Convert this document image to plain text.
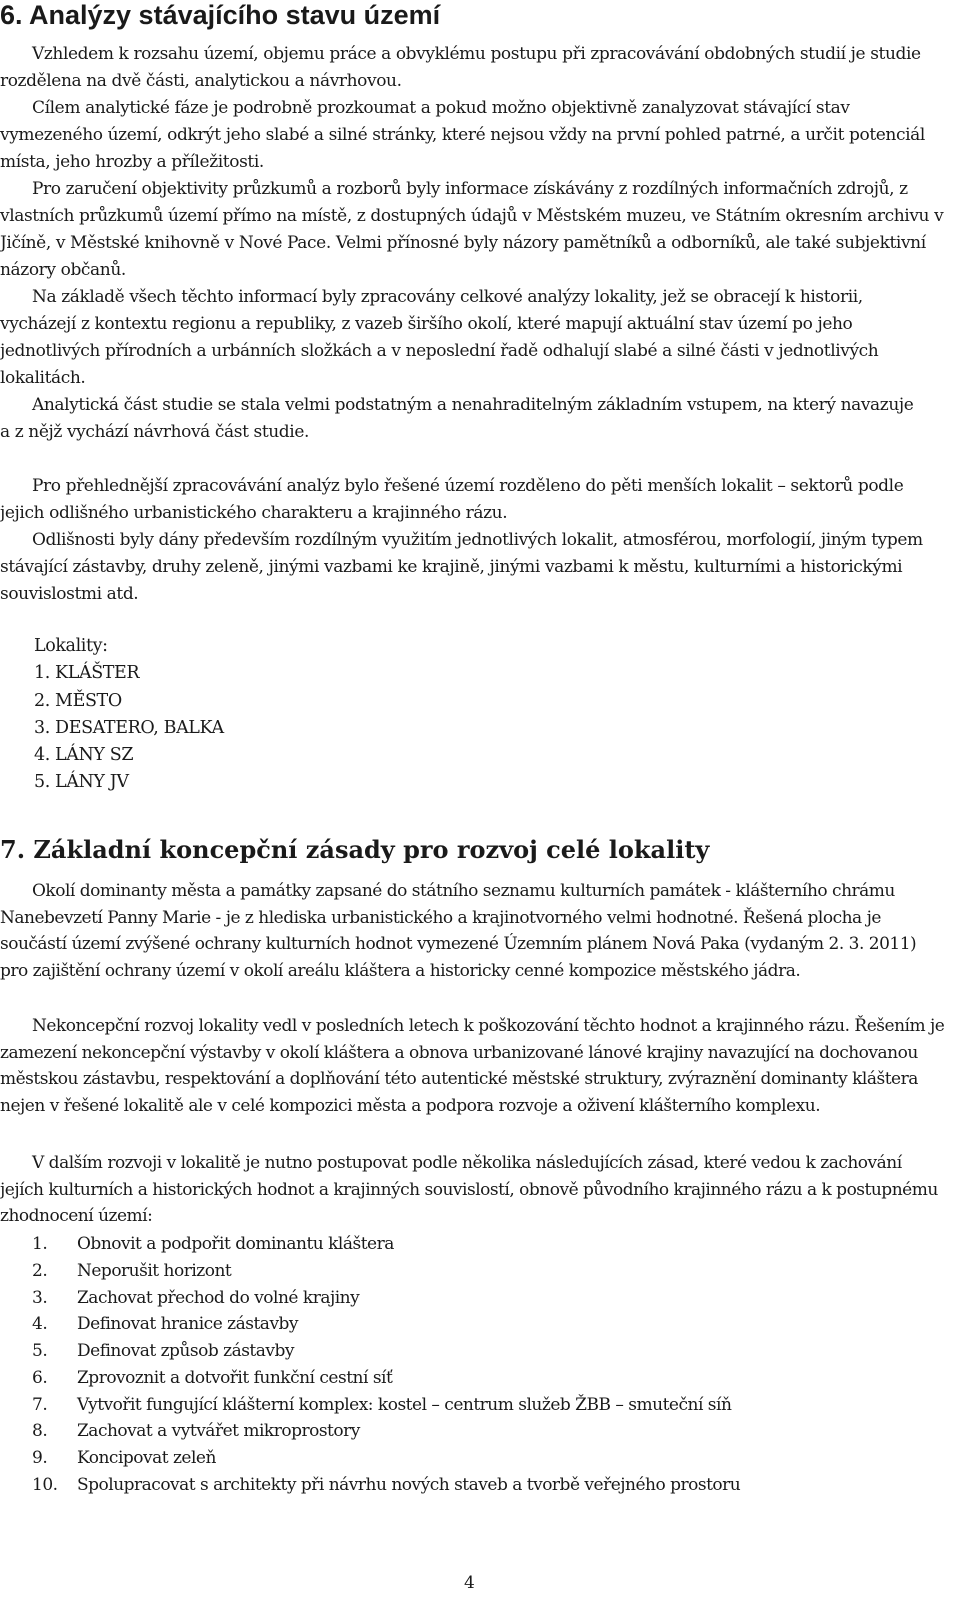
6. Analýzy stávajícího stavu území

Vzhledem k rozsahu území, objemu práce a obvyklému postupu při zpracovávání obdobných studií je studie rozdělena na dvě části, analytickou a návrhovou.

Cílem analytické fáze je podrobně prozkoumat a pokud možno objektivně zanalyzovat stávající stav vymezeného území, odkrýt jeho slabé a silné stránky, které nejsou vždy na první pohled patrné, a určit potenciál místa, jeho hrozby a příležitosti.

Pro zaručení objektivity průzkumů a rozborů byly informace získávány z rozdílných informačních zdrojů, z vlastních průzkumů území přímo na místě, z dostupných údajů v Městském muzeu, ve Státním okresním archivu v Jičíně, v Městské knihovně v Nové Pace. Velmi přínosné byly názory pamětníků a odborníků, ale také subjektivní názory občanů.

Na základě všech těchto informací byly zpracovány celkové analýzy lokality, jež se obracejí k historii, vycházejí z kontextu regionu a republiky, z vazeb širšího okolí, které mapují aktuální stav území po jeho jednotlivých přírodních a urbánních složkách a v neposlední řadě odhalují slabé a silné části v jednotlivých lokalitách.

Analytická část studie se stala velmi podstatným a nenahraditelným základním vstupem, na který navazuje a z nějž vychází návrhová část studie.

Pro přehlednější zpracovávání analýz bylo řešené území rozděleno do pěti menších lokalit – sektorů podle jejich odlišného urbanistického charakteru a krajinného rázu.

Odlišnosti byly dány především rozdílným využitím jednotlivých lokalit, atmosférou, morfologií, jiným typem stávající zástavby, druhy zeleně, jinými vazbami ke krajině, jinými vazbami k městu, kulturními a historickými souvislostmi atd.

Lokality:
1. KLÁŠTER
2. MĚSTO
3. DESATERO, BALKA
4. LÁNY SZ
5. LÁNY JV
7. Základní koncepční zásady pro rozvoj celé lokality

Okolí dominanty města a památky zapsané do státního seznamu kulturních památek - klášterního chrámu Nanebevzetí Panny Marie - je z hlediska urbanistického a krajinotvorného velmi hodnotné. Řešená plocha je součástí území zvýšené ochrany kulturních hodnot vymezené Územním plánem Nová Paka (vydaným 2. 3. 2011) pro zajištění ochrany území v okolí areálu kláštera a historicky cenné kompozice městského jádra.

Nekoncepční rozvoj lokality vedl v posledních letech k poškozování těchto hodnot a krajinného rázu. Řešením je zamezení nekoncepční výstavby v okolí kláštera a obnova urbanizované lánové krajiny navazující na dochovanou městskou zástavbu, respektování a doplňování této autentické městské struktury, zvýraznění dominanty kláštera nejen v řešené lokalitě ale v celé kompozici města a podpora rozvoje a oživení klášterního komplexu.

V dalším rozvoji v lokalitě je nutno postupovat podle několika následujících zásad, které vedou k zachování jejích kulturních a historických hodnot a krajinných souvislostí, obnově původního krajinného rázu a k postupnému zhodnocení území:

1.	Obnovit a podpořit dominantu kláštera
2.	Neporušit horizont
3.	Zachovat přechod do volné krajiny
4.	Definovat hranice zástavby
5.	Definovat způsob zástavby
6.	Zprovoznit a dotvořit funkční cestní síť
7.	Vytvořit fungující klášterní komplex: kostel – centrum služeb ŽBB – smuteční síň
8.	Zachovat a vytvářet mikroprostory
9.	Koncipovat zeleň
10.	Spolupracovat s architekty při návrhu nových staveb a tvorbě veřejného prostoru
4
